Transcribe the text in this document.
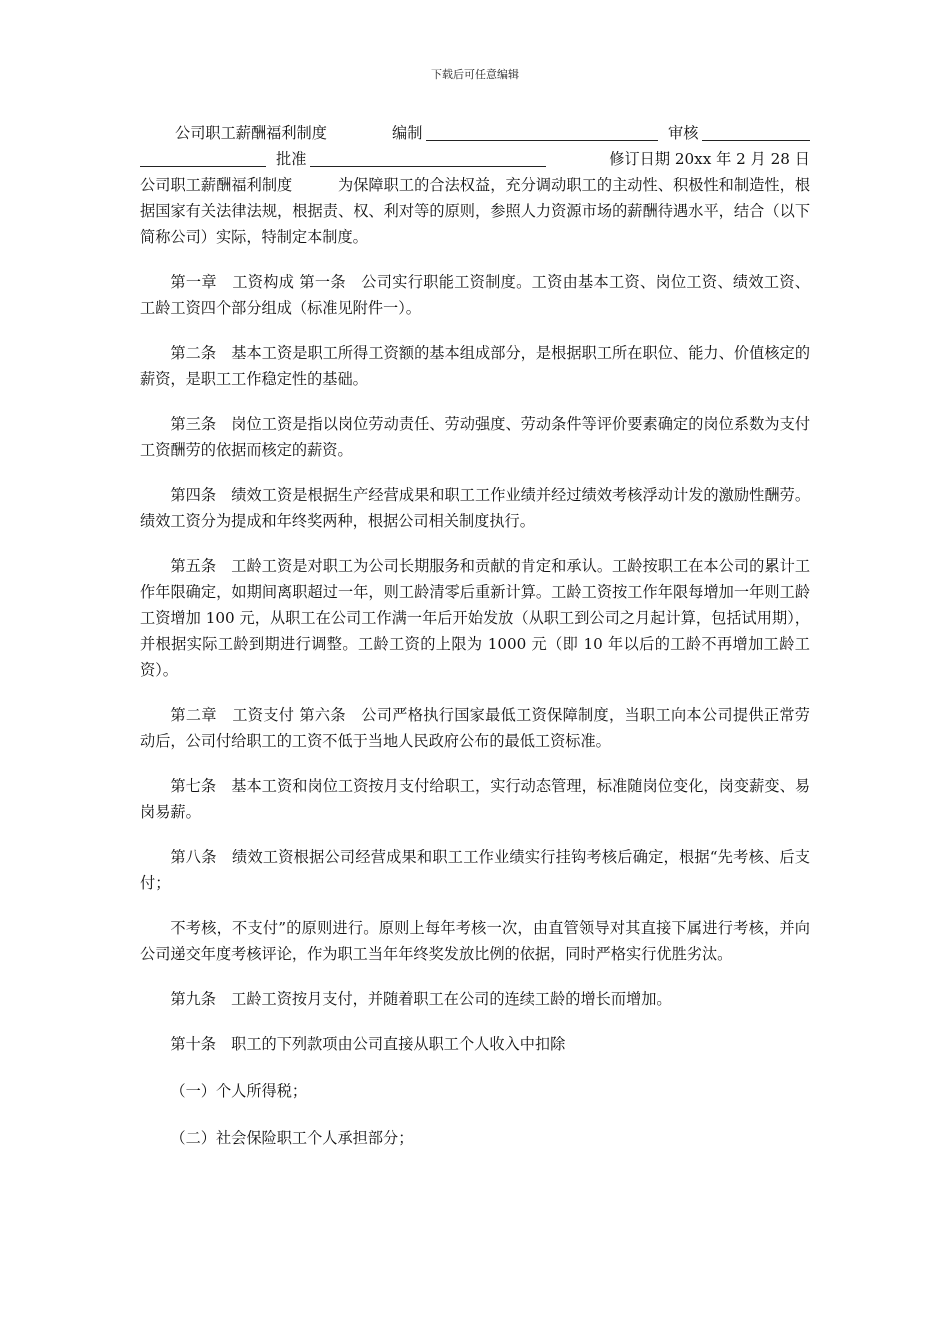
下载后可任意编辑
公司职工薪酬福利制度	编制	审核
批准	修订日期 20xx 年 2 月 28 日

公司职工薪酬福利制度　　　为保障职工的合法权益，充分调动职工的主动性、积极性和制造性，根据国家有关法律法规，根据责、权、利对等的原则，参照人力资源市场的薪酬待遇水平，结合（以下简称公司）实际，特制定本制度。

第一章　工资构成 第一条　公司实行职能工资制度。工资由基本工资、岗位工资、绩效工资、工龄工资四个部分组成（标准见附件一）。

第二条　基本工资是职工所得工资额的基本组成部分，是根据职工所在职位、能力、价值核定的薪资，是职工工作稳定性的基础。

第三条　岗位工资是指以岗位劳动责任、劳动强度、劳动条件等评价要素确定的岗位系数为支付工资酬劳的依据而核定的薪资。

第四条　绩效工资是根据生产经营成果和职工工作业绩并经过绩效考核浮动计发的激励性酬劳。绩效工资分为提成和年终奖两种，根据公司相关制度执行。

第五条　工龄工资是对职工为公司长期服务和贡献的肯定和承认。工龄按职工在本公司的累计工作年限确定，如期间离职超过一年，则工龄清零后重新计算。工龄工资按工作年限每增加一年则工龄工资增加 100 元，从职工在公司工作满一年后开始发放（从职工到公司之月起计算，包括试用期），并根据实际工龄到期进行调整。工龄工资的上限为 1000 元（即 10 年以后的工龄不再增加工龄工资）。

第二章　工资支付 第六条　公司严格执行国家最低工资保障制度，当职工向本公司提供正常劳动后，公司付给职工的工资不低于当地人民政府公布的最低工资标准。

第七条　基本工资和岗位工资按月支付给职工，实行动态管理，标准随岗位变化，岗变薪变、易岗易薪。

第八条　绩效工资根据公司经营成果和职工工作业绩实行挂钩考核后确定，根据“先考核、后支付；

不考核，不支付”的原则进行。原则上每年考核一次，由直管领导对其直接下属进行考核，并向公司递交年度考核评论，作为职工当年年终奖发放比例的依据，同时严格实行优胜劣汰。

第九条　工龄工资按月支付，并随着职工在公司的连续工龄的增长而增加。

第十条　职工的下列款项由公司直接从职工个人收入中扣除

（一）个人所得税；

（二）社会保险职工个人承担部分；
